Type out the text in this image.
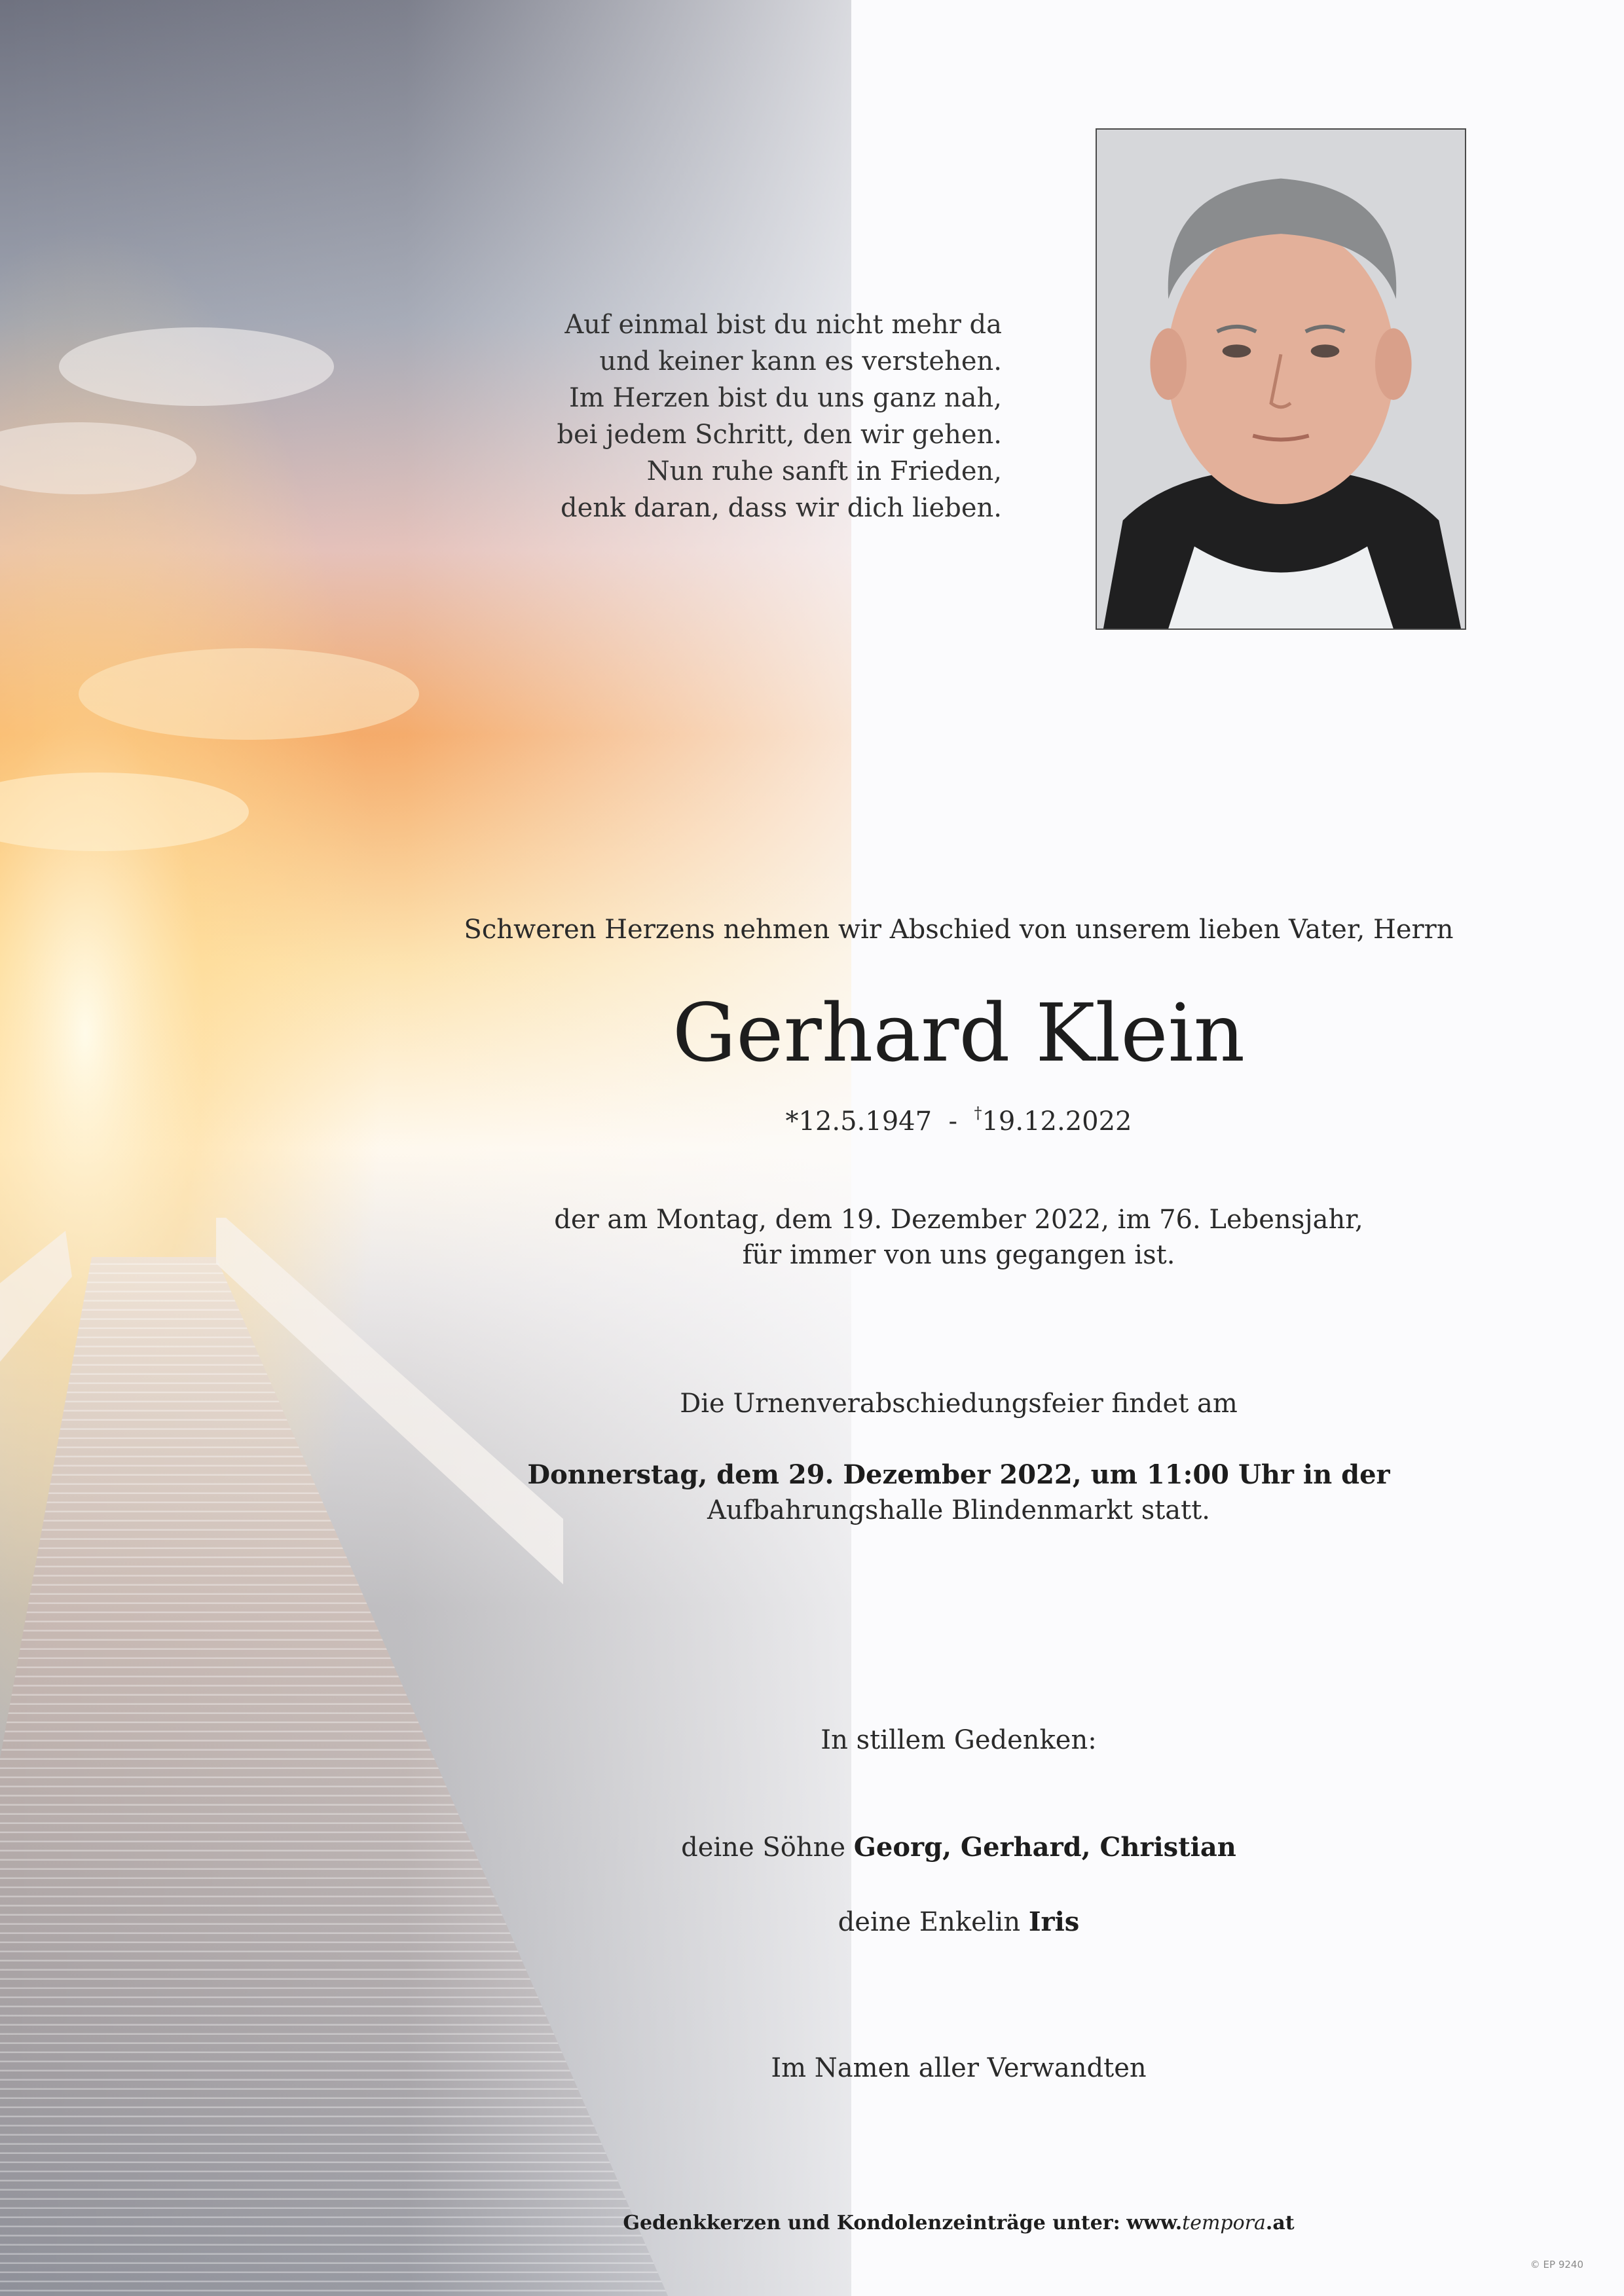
Auf einmal bist du nicht mehr da
und keiner kann es verstehen.
Im Herzen bist du uns ganz nah,
bei jedem Schritt, den wir gehen.
Nun ruhe sanft in Frieden,
denk daran, dass wir dich lieben.
Schweren Herzens nehmen wir Abschied von unserem lieben Vater, Herrn
Gerhard Klein
*12.5.1947 - †19.12.2022
der am Montag, dem 19. Dezember 2022, im 76. Lebensjahr,
für immer von uns gegangen ist.
Die Urnenverabschiedungsfeier findet am
Donnerstag, dem 29. Dezember 2022, um 11:00 Uhr in der
Aufbahrungshalle Blindenmarkt statt.
In stillem Gedenken:
deine Söhne Georg, Gerhard, Christian
deine Enkelin Iris
Im Namen aller Verwandten
Gedenkkerzen und Kondolenzeinträge unter: www.tempora.at
© EP 9240
